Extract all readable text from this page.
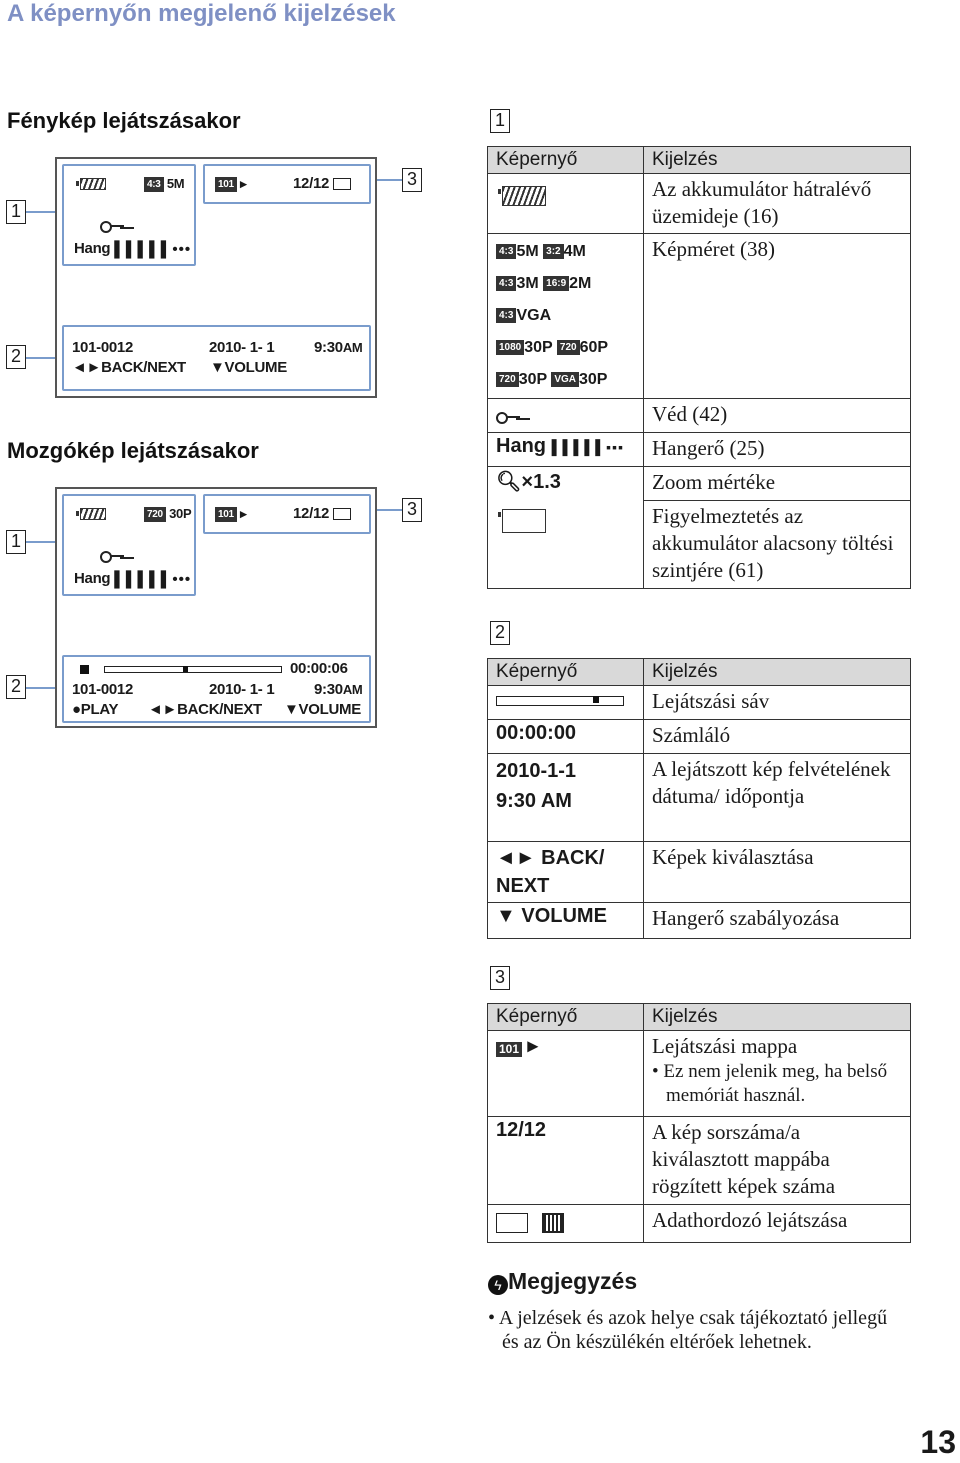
A képernyőn megjelenő kijelzések
Fénykép lejátszásakor
1
2
3
4:3 5M
Hang ▌▌▌▌▌•••
101 ▸	12/12
101-0012	2010- 1- 1	9:30AM
◄►BACK/NEXT ▼VOLUME
Mozgókép lejátszásakor
1
2
3
720 30P
Hang ▌▌▌▌▌•••
101 ▸	12/12
00:00:06
101-0012	2010- 1- 1	9:30AM
●PLAY ◄►BACK/NEXT ▼VOLUME
1
Képernyő	Kijelzés
	Az akkumulátor hátralévő üzemideje (16)

4:3 5M 3:2 4M
4:3 3M 16:9 2M
4:3 VGA
1080 30P 720 60P
720 30P VGA 30P	Képméret (38)
	Véd (42)
Hang ▌▌▌▌▌▪▪▪	Hangerő (25)
🔍︎×1.3	Zoom mértéke
	Figyelmeztetés az akkumulátor alacsony töltési szintjére (61)
2
Képernyő	Kijelzés

	Lejátszási sáv
00:00:00	Számláló

2010-1-1
9:30 AM	A lejátszott kép felvételének dátuma/ időpontja
◄► BACK/ NEXT	Képek kiválasztása
▼ VOLUME	Hangerő szabályozása
3
Képernyő	Kijelzés
101 ▸	Lejátszási mappa
• Ez nem jelenik meg, ha belső memóriát használ.

12/12	A kép sorszáma/a kiválasztott mappába rögzített képek száma
	Adathordozó lejátszása
ϟ Megjegyzés
• A jelzések és azok helye csak tájékoztató jellegű és az Ön készülékén eltérőek lehetnek.
13
